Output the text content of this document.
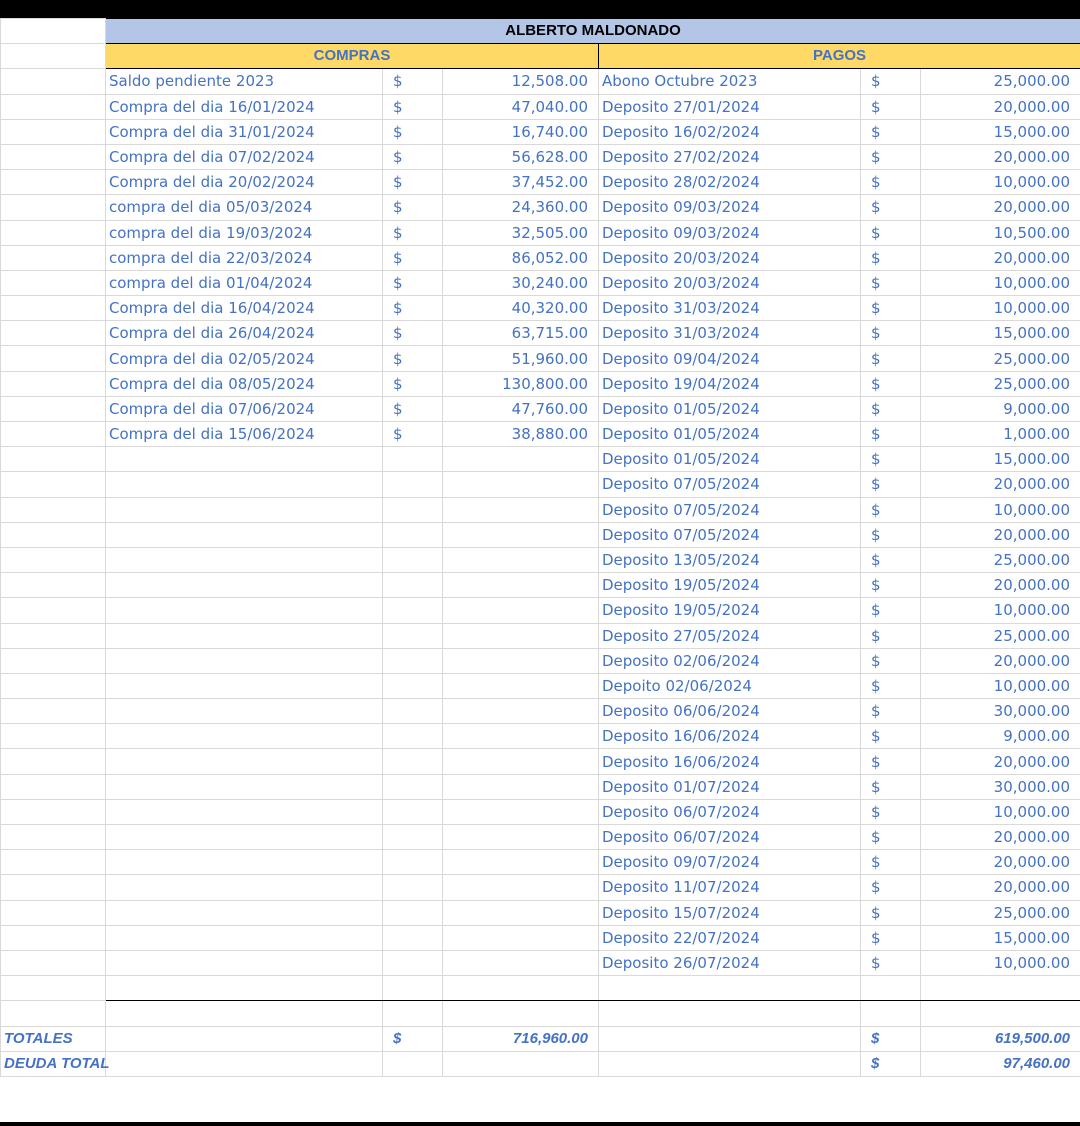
	ALBERTO MALDONADO					
	COMPRAS			PAGOS		
	Saldo pendiente 2023	$	12,508.00	Abono Octubre 2023	$	25,000.00
	Compra del dia 16/01/2024	$	47,040.00	Deposito 27/01/2024	$	20,000.00
	Compra del dia 31/01/2024	$	16,740.00	Deposito 16/02/2024	$	15,000.00
	Compra del dia 07/02/2024	$	56,628.00	Deposito 27/02/2024	$	20,000.00
	Compra del dia 20/02/2024	$	37,452.00	Deposito 28/02/2024	$	10,000.00
	compra del dia 05/03/2024	$	24,360.00	Deposito 09/03/2024	$	20,000.00
	compra del dia 19/03/2024	$	32,505.00	Deposito 09/03/2024	$	10,500.00
	compra del dia 22/03/2024	$	86,052.00	Deposito 20/03/2024	$	20,000.00
	compra del dia 01/04/2024	$	30,240.00	Deposito 20/03/2024	$	10,000.00
	Compra del dia 16/04/2024	$	40,320.00	Deposito 31/03/2024	$	10,000.00
	Compra del dia 26/04/2024	$	63,715.00	Deposito 31/03/2024	$	15,000.00
	Compra del dia 02/05/2024	$	51,960.00	Deposito 09/04/2024	$	25,000.00
	Compra del dia 08/05/2024	$	130,800.00	Deposito 19/04/2024	$	25,000.00
	Compra del dia 07/06/2024	$	47,760.00	Deposito 01/05/2024	$	9,000.00
	Compra del dia 15/06/2024	$	38,880.00	Deposito 01/05/2024	$	1,000.00
				Deposito 01/05/2024	$	15,000.00
				Deposito 07/05/2024	$	20,000.00
				Deposito 07/05/2024	$	10,000.00
				Deposito 07/05/2024	$	20,000.00
				Deposito 13/05/2024	$	25,000.00
				Deposito 19/05/2024	$	20,000.00
				Deposito 19/05/2024	$	10,000.00
				Deposito 27/05/2024	$	25,000.00
				Deposito 02/06/2024	$	20,000.00
				Depoito 02/06/2024	$	10,000.00
				Deposito 06/06/2024	$	30,000.00
				Deposito 16/06/2024	$	9,000.00
				Deposito 16/06/2024	$	20,000.00
				Deposito 01/07/2024	$	30,000.00
				Deposito 06/07/2024	$	10,000.00
				Deposito 06/07/2024	$	20,000.00
				Deposito 09/07/2024	$	20,000.00
				Deposito 11/07/2024	$	20,000.00
				Deposito 15/07/2024	$	25,000.00
				Deposito 22/07/2024	$	15,000.00
				Deposito 26/07/2024	$	10,000.00

TOTALES		$	716,960.00		$	619,500.00
DEUDA TOTAL					$	97,460.00
